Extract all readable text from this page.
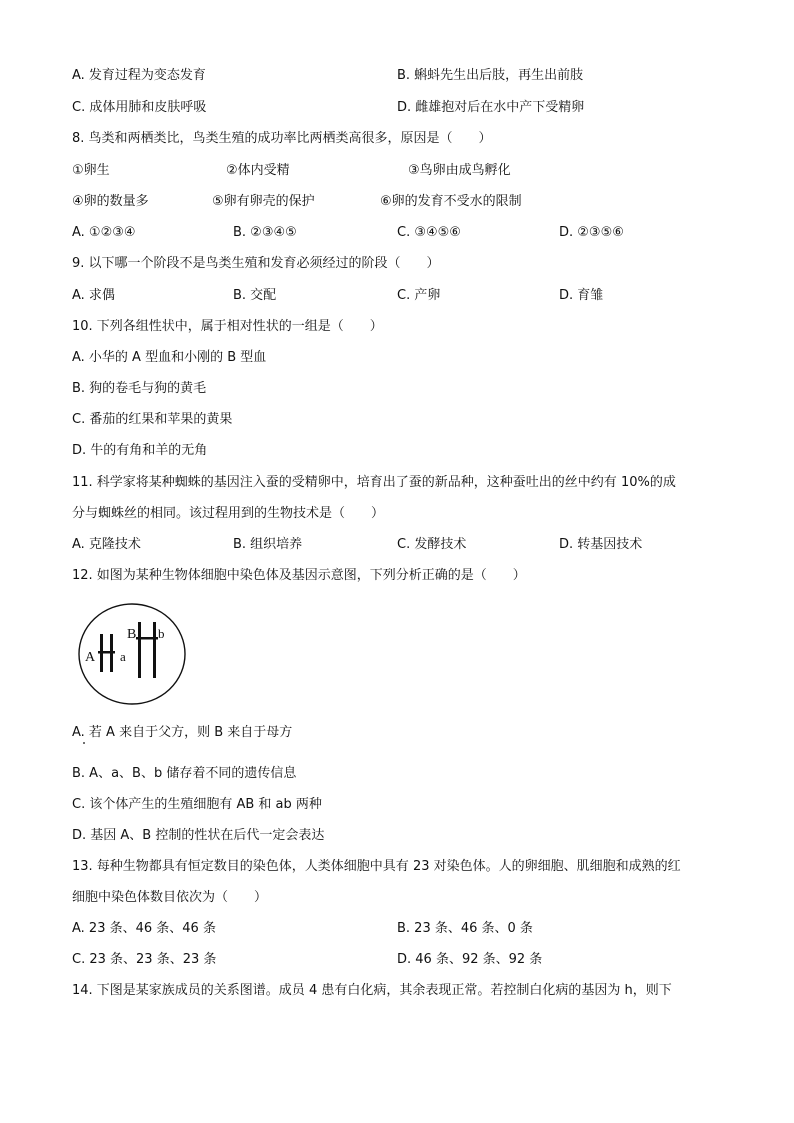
A. 发育过程为变态发育	B. 蝌蚪先生出后肢，再生出前肢
C. 成体用肺和皮肤呼吸	D. 雌雄抱对后在水中产下受精卵
8. 鸟类和两栖类比，鸟类生殖的成功率比两栖类高很多，原因是（　　）
①卵生	②体内受精	③鸟卵由成鸟孵化
④卵的数量多	⑤卵有卵壳的保护	⑥卵的发育不受水的限制
A. ①②③④	B. ②③④⑤	C. ③④⑤⑥	D. ②③⑤⑥
9. 以下哪一个阶段不是鸟类生殖和发育必须经过的阶段（　　）
A. 求偶	B. 交配	C. 产卵	D. 育雏
10. 下列各组性状中，属于相对性状的一组是（　　）
A. 小华的 A 型血和小刚的 B 型血
B. 狗的卷毛与狗的黄毛
C. 番茄的红果和苹果的黄果
D. 牛的有角和羊的无角
11. 科学家将某种蜘蛛的基因注入蚕的受精卵中，培育出了蚕的新品种，这种蚕吐出的丝中约有 10%的成
分与蜘蛛丝的相同。该过程用到的生物技术是（　　）
A. 克隆技术	B. 组织培养	C. 发酵技术	D. 转基因技术
12. 如图为某种生物体细胞中染色体及基因示意图，下列分析正确的是（　　）
A a
B b
A. 若 A 来自于父方，则 B 来自于母方
B. A、a、B、b 储存着不同的遗传信息
C. 该个体产生的生殖细胞有 AB 和 ab 两种
D. 基因 A、B 控制的性状在后代一定会表达
13. 每种生物都具有恒定数目的染色体，人类体细胞中具有 23 对染色体。人的卵细胞、肌细胞和成熟的红
细胞中染色体数目依次为（　　）
A. 23 条、46 条、46 条	B. 23 条、46 条、0 条
C. 23 条、23 条、23 条	D. 46 条、92 条、92 条
14. 下图是某家族成员的关系图谱。成员 4 患有白化病，其余表现正常。若控制白化病的基因为 h，则下
